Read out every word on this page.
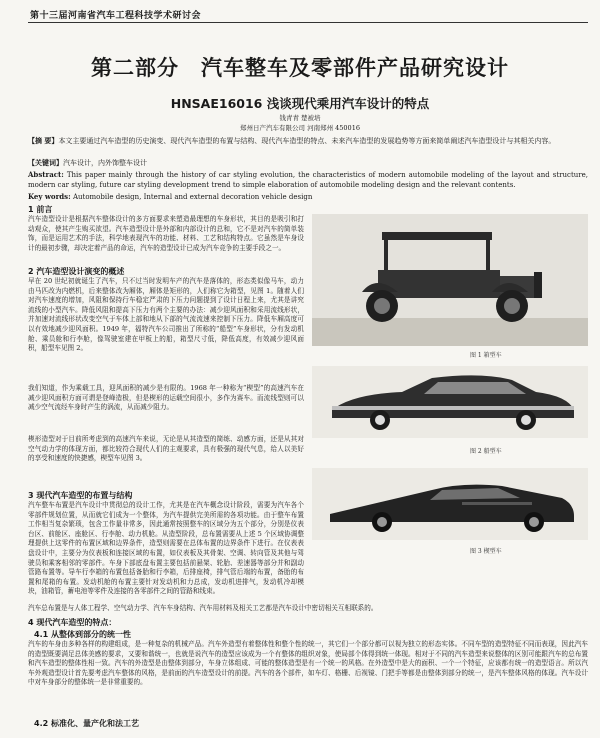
第十三届河南省汽车工程科技学术研讨会
第二部分　汽车整车及零部件产品研究设计
HNSAE16016 浅谈现代乘用汽车设计的特点
钱青青 楚被培
郑州日产汽车有限公司 河南郑州 450016
【摘 要】本文主要通过汽车造型的历史演变、现代汽车造型的布置与结构、现代汽车造型的特点、未来汽车造型的发展趋势等方面来简单阐述汽车造型设计与其相关内容。
【关键词】汽车设计，内外饰整车设计
Abstract: This paper mainly through the history of car styling evolution, the characteristics of modern automobile modeling of the layout and structure, modern car styling, future car styling development trend to simple elaboration of automobile modeling design and the relevant contents.
Key words: Automobile design, Internal and external decoration vehicle design
1 前言
汽车造型设计是根据汽车整体设计的多方面要求来塑造最理想的车身形状，其目的是吸引和打动观众，使其产生购买欲望。汽车造型设计是外部和内部设计的总和，它不是对汽车的简单装饰，而是运用艺术的手法，科学地表现汽车的功能、材料、工艺和结构特点。它虽然是车身设计的最初步骤，却决定着产品的命运，汽车的造型设计已成为汽车竞争的主要手段之一。
2 汽车造型设计演变的概述
早在 20 世纪初就诞生了汽车，只不过当时发明车产的汽车是落体的，形态类似像马车，动力由马匹改为内燃机，后来整体改为厢体，厢体是矩形的，人们称它为箱型，见图 1。随着人们对汽车速度的增加，风阻和保持行车稳定严肃的下压力问题提到了设计日程上来，尤其是讲究流线的小型汽车。降低风阻和提高下压力有两个主要的办法：减少迎风面积和采用流线形状，并加速对流线形状改变空气于车体上部和地从下部的气流流速来控制下压力。降低车厢高度可以有效地减少迎风面积。1949 年，福特汽车公司推出了所称的“船型”车身形状，分有发动机舱、乘员舱和行李舱，像驾驶室建在甲板上的船，箱型尺寸低，降低高度，有效减少迎风面积，船型车见图 2。
我们知道，作为乘载工具，迎风面积的减少是有限的。1968 年一种称为“楔型”的高速汽车在减少迎风面积方面可谓是登峰造极，但是楔形的运载空间很小，多作为赛车。而流线型则可以减少空气流经车身时产生的涡流，从而减少阻力。
楔形造型对于目前所考虑到的高速汽车来说，无论是从其造型的简练、动感方面，还是从其对空气动力学的体现方面，都比较符合现代人们的主观要求，具有极强的现代气息，给人以美好的享受和速度的快捷感，楔型车见图 3。
3 现代汽车造型的布置与结构
汽车整车布置是汽车设计中贯彻总的设计工作，尤其是在汽车概念设计阶段，需要为汽车各个零部件规划位置，从而就它们成为一个整体，为汽车提供完美所需的各项功能。由于整车布置工作相当复杂繁琐，包含工作量非常多，因此通常按照整车的区域分为五个部分，分别是仪表台区、前舱区、座舱区、行李舱、动力机舱。从造型阶段，总布置需要从上述 5 个区域协调整理提供上这零件的布置区域和边界条件，造型则需要在总体布置的边界条件下进行。在仪表表盘设计中，主要分为仪表板和连接区域的布置，如仪表板及其骨架、空调、转向管及其他与驾驶员和乘客相邻的零部件。车身下部底盘布置主要包括前悬架、轮胎、差速器等部分并和副动管路布置等。导车行李箱的布置包括备胎和行李箱，后排座椅，排气管后端的布置，备胎的布置和尾箱的布置。发动机舱的布置主要针对发动机和力总成，发动机进排气，发动机冷却模块，油箱管，蓄电池等零件及连接的各零部件之间的管路和线束。
汽车总布置是与人体工程学、空气动力学、汽车车身结构、汽车用材料及相关工艺都是汽车设计中密切相关互相联系的。
4 现代汽车造型的特点：
4.1 从整体到部分的统一性
汽车的车身由多种各样的构建组成，是一种复杂的机械产品。汽车外造型有着整体性和整个性的统一，其它们一个部分都可以视为独立的形态实体。不同车型的造型特征不同而表现，因此汽车的造型既要满足总体美感的要求，又要和谐统一，也就是说汽车的造型应该成为一个有整体的组织对象，使局部个体得到统一体现。相对于不同的汽车造型来说整体的区别可能跟汽车的总布置和汽车造型的整体性相一致。汽车的外造型是由整体到部分，车身立体组成、可能的整体造型是有一个统一的风格。在外造型中是大的面积、一个一个特征，应该都有统一的造型语言。所以汽车外观造型设计首先要考虑汽车整体的风格，是前面的汽车造型设计的前提。汽车的各个部件，如车灯、格栅、后视镜、门把手等都是由整体到部分的统一，是汽车整体风格的体现。汽车设计中对车身部分的整体统一是非常重要的。
4.2 标准化、量产化和法工艺
图 1 箱型车
图 2 船型车
图 3 楔型车
